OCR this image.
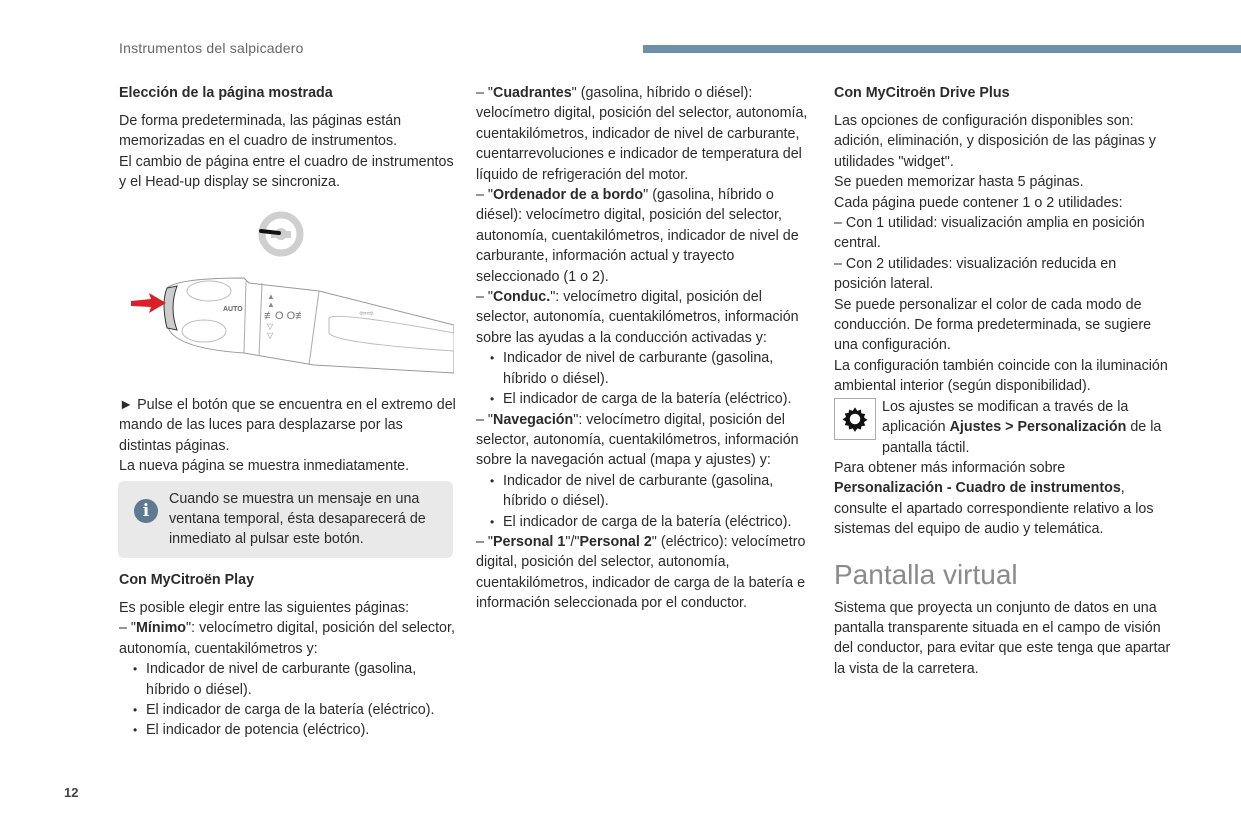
Instrumentos del salpicadero
12
Elección de la página mostrada

De forma predeterminada, las páginas están memorizadas en el cuadro de instrumentos.

El cambio de página entre el cuadro de instrumentos y el Head-up display se sincroniza.

AUTO
▲
▲
≢O O≢
▽
▽
⇦⇨

► Pulse el botón que se encuentra en el extremo del mando de las luces para desplazarse por las distintas páginas.

La nueva página se muestra inmediatamente.

i
Cuando se muestra un mensaje en una ventana temporal, ésta desaparecerá de inmediato al pulsar este botón.
Con MyCitroën Play

Es posible elegir entre las siguientes páginas:

– "Mínimo": velocímetro digital, posición del selector, autonomía, cuentakilómetros y:

• Indicador de nivel de carburante (gasolina, híbrido o diésel).
• El indicador de carga de la batería (eléctrico).
• El indicador de potencia (eléctrico).

– "Cuadrantes" (gasolina, híbrido o diésel): velocímetro digital, posición del selector, autonomía, cuentakilómetros, indicador de nivel de carburante, cuentarrevoluciones e indicador de temperatura del líquido de refrigeración del motor.

– "Ordenador de a bordo" (gasolina, híbrido o diésel): velocímetro digital, posición del selector, autonomía, cuentakilómetros, indicador de nivel de carburante, información actual y trayecto seleccionado (1 o 2).

– "Conduc.": velocímetro digital, posición del selector, autonomía, cuentakilómetros, información sobre las ayudas a la conducción activadas y:

• Indicador de nivel de carburante (gasolina, híbrido o diésel).
• El indicador de carga de la batería (eléctrico).

– "Navegación": velocímetro digital, posición del selector, autonomía, cuentakilómetros, información sobre la navegación actual (mapa y ajustes) y:

• Indicador de nivel de carburante (gasolina, híbrido o diésel).
• El indicador de carga de la batería (eléctrico).

– "Personal 1"/"Personal 2" (eléctrico): velocímetro digital, posición del selector, autonomía, cuentakilómetros, indicador de carga de la batería e información seleccionada por el conductor.

Con MyCitroën Drive Plus

Las opciones de configuración disponibles son: adición, eliminación, y disposición de las páginas y utilidades "widget".

Se pueden memorizar hasta 5 páginas.

Cada página puede contener 1 o 2 utilidades:

– Con 1 utilidad: visualización amplia en posición central.

– Con 2 utilidades: visualización reducida en posición lateral.

Se puede personalizar el color de cada modo de conducción. De forma predeterminada, se sugiere una configuración.

La configuración también coincide con la iluminación ambiental interior (según disponibilidad).

Los ajustes se modifican a través de la aplicación Ajustes > Personalización de la pantalla táctil.

Para obtener más información sobre Personalización - Cuadro de instrumentos, consulte el apartado correspondiente relativo a los sistemas del equipo de audio y telemática.

Pantalla virtual

Sistema que proyecta un conjunto de datos en una pantalla transparente situada en el campo de visión del conductor, para evitar que este tenga que apartar la vista de la carretera.
